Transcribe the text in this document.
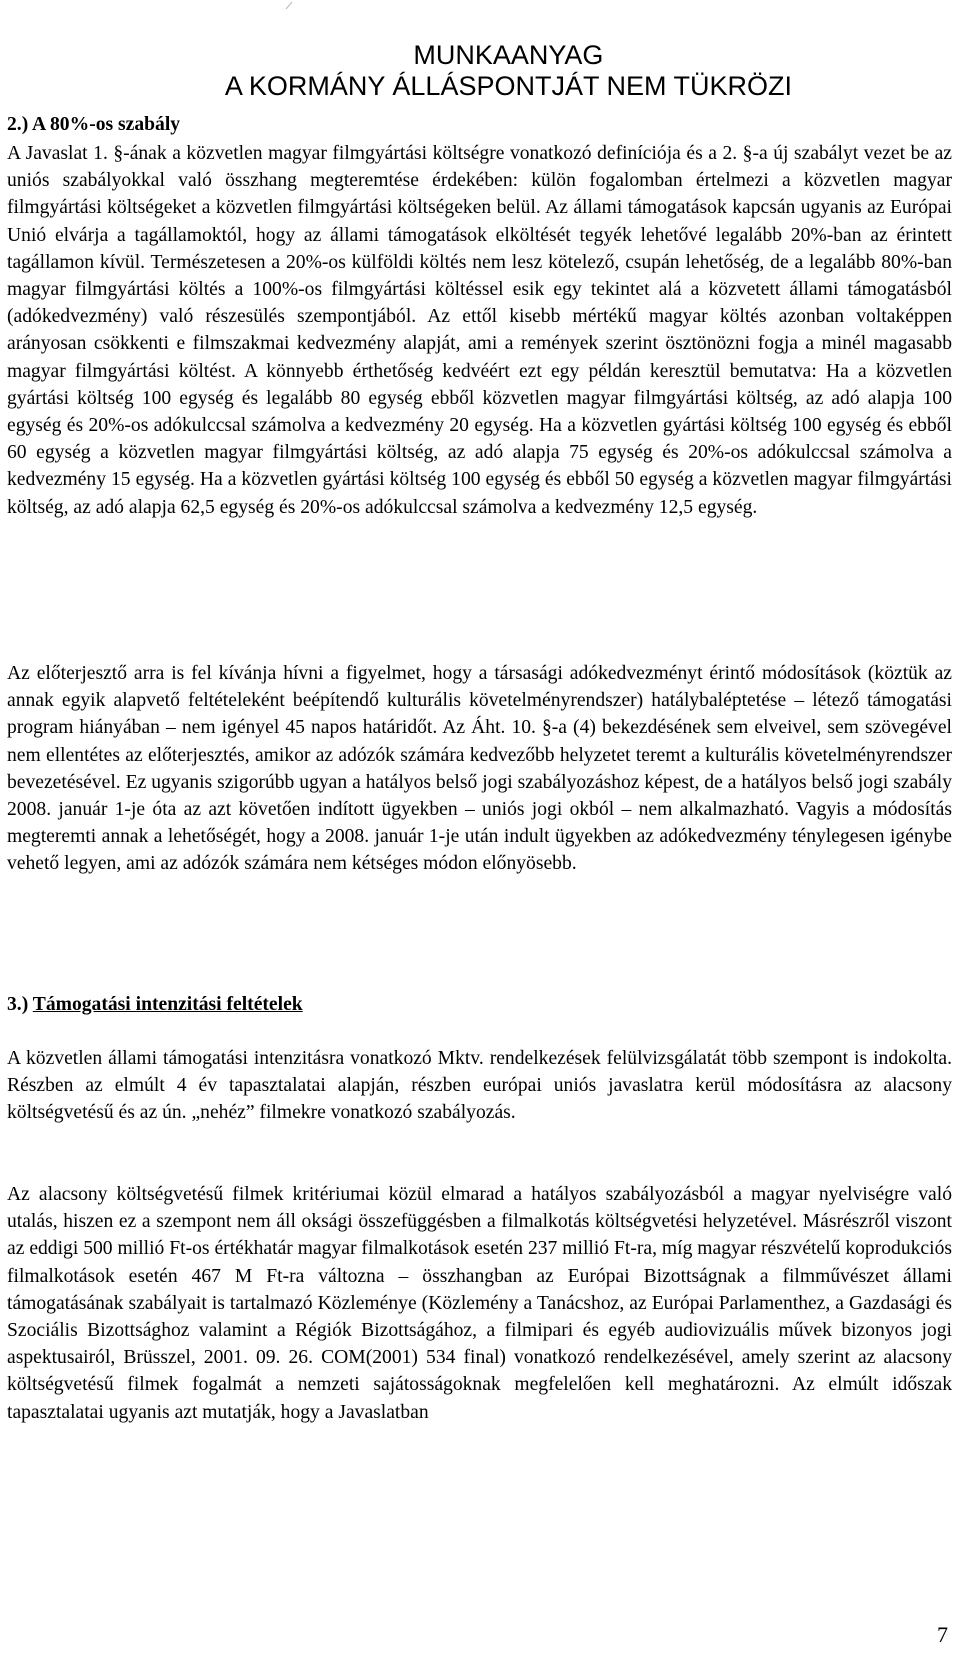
MUNKAANYAG
A KORMÁNY ÁLLÁSPONTJÁT NEM TÜKRÖZI
2.) A 80%-os szabály

A Javaslat 1. §-ának a közvetlen magyar filmgyártási költségre vonatkozó definíciója és a 2. §-a új szabályt vezet be az uniós szabályokkal való összhang megteremtése érdekében: külön fogalomban értelmezi a közvetlen magyar filmgyártási költségeket a közvetlen filmgyártási költségeken belül. Az állami támogatások kapcsán ugyanis az Európai Unió elvárja a tagállamoktól, hogy az állami támogatások elköltését tegyék lehetővé legalább 20%-ban az érintett tagállamon kívül. Természetesen a 20%-os külföldi költés nem lesz kötelező, csupán lehetőség, de a legalább 80%-ban magyar filmgyártási költés a 100%-os filmgyártási költéssel esik egy tekintet alá a közvetett állami támogatásból (adókedvezmény) való részesülés szempontjából. Az ettől kisebb mértékű magyar költés azonban voltaképpen arányosan csökkenti e filmszakmai kedvezmény alapját, ami a remények szerint ösztönözni fogja a minél magasabb magyar filmgyártási költést. A könnyebb érthetőség kedvéért ezt egy példán keresztül bemutatva: Ha a közvetlen gyártási költség 100 egység és legalább 80 egység ebből közvetlen magyar filmgyártási költség, az adó alapja 100 egység és 20%-os adókulccsal számolva a kedvezmény 20 egység. Ha a közvetlen gyártási költség 100 egység és ebből 60 egység a közvetlen magyar filmgyártási költség, az adó alapja 75 egység és 20%-os adókulccsal számolva a kedvezmény 15 egység. Ha a közvetlen gyártási költség 100 egység és ebből 50 egység a közvetlen magyar filmgyártási költség, az adó alapja 62,5 egység és 20%-os adókulccsal számolva a kedvezmény 12,5 egység.

Az előterjesztő arra is fel kívánja hívni a figyelmet, hogy a társasági adókedvezményt érintő módosítások (köztük az annak egyik alapvető feltételeként beépítendő kulturális követelményrendszer) hatálybaléptetése – létező támogatási program hiányában – nem igényel 45 napos határidőt. Az Áht. 10. §-a (4) bekezdésének sem elveivel, sem szövegével nem ellentétes az előterjesztés, amikor az adózók számára kedvezőbb helyzetet teremt a kulturális követelményrendszer bevezetésével. Ez ugyanis szigorúbb ugyan a hatályos belső jogi szabályozáshoz képest, de a hatályos belső jogi szabály 2008. január 1-je óta az azt követően indított ügyekben – uniós jogi okból – nem alkalmazható. Vagyis a módosítás megteremti annak a lehetőségét, hogy a 2008. január 1-je után indult ügyekben az adókedvezmény ténylegesen igénybe vehető legyen, ami az adózók számára nem kétséges módon előnyösebb.

3.) Támogatási intenzitási feltételek

A közvetlen állami támogatási intenzitásra vonatkozó Mktv. rendelkezések felülvizsgálatát több szempont is indokolta. Részben az elmúlt 4 év tapasztalatai alapján, részben európai uniós javaslatra kerül módosításra az alacsony költségvetésű és az ún. „nehéz” filmekre vonatkozó szabályozás.

Az alacsony költségvetésű filmek kritériumai közül elmarad a hatályos szabályozásból a magyar nyelviségre való utalás, hiszen ez a szempont nem áll oksági összefüggésben a filmalkotás költségvetési helyzetével. Másrészről viszont az eddigi 500 millió Ft-os értékhatár magyar filmalkotások esetén 237 millió Ft-ra, míg magyar részvételű koprodukciós filmalkotások esetén 467 M Ft-ra változna – összhangban az Európai Bizottságnak a filmművészet állami támogatásának szabályait is tartalmazó Közleménye (Közlemény a Tanácshoz, az Európai Parlamenthez, a Gazdasági és Szociális Bizottsághoz valamint a Régiók Bizottságához, a filmipari és egyéb audiovizuális művek bizonyos jogi aspektusairól, Brüsszel, 2001. 09. 26. COM(2001) 534 final) vonatkozó rendelkezésével, amely szerint az alacsony költségvetésű filmek fogalmát a nemzeti sajátosságoknak megfelelően kell meghatározni. Az elmúlt időszak tapasztalatai ugyanis azt mutatják, hogy a Javaslatban

7
